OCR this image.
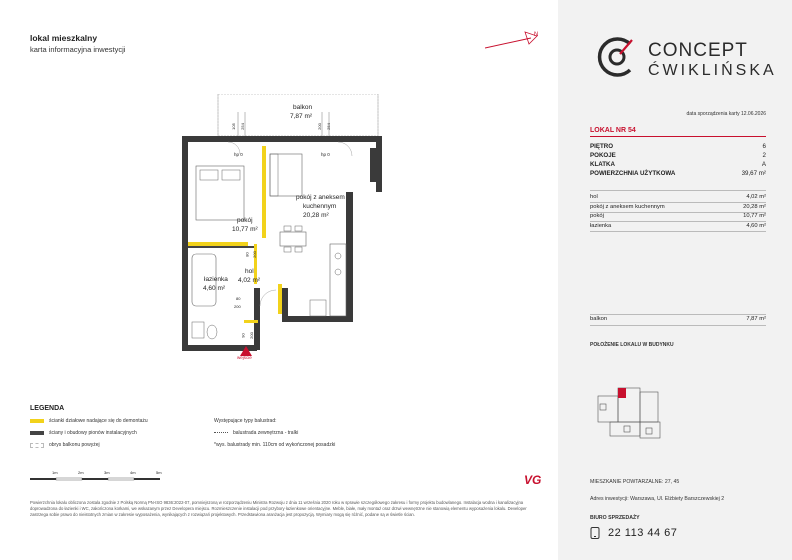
lokal mieszkalny
karta informacyjna inwestycji
N
balkon
7,87 m²
pokój
10,77 m²
pokój z aneksem
kuchennym
20,28 m²
hol
4,02 m²
łazienka
4,60 m²
wejście
hp 0	hp 0
105 254	200 254
80 200
80
200
90 200
LEGENDA
ścianki działowe nadające się do demontażu
ściany i obudowy pionów instalacyjnych
obrys balkonu powyżej
Występujące typy balustrad:
balustrada zewnętrzna - tralki
*wys. balustrady min. 110cm od wykończonej posadzki
1m	2m	3m	4m	5m
VG
Powierzchnia lokalu obliczona zostala zgodnie z Polską Normą PN-ISO 9836:2022-07, pomniejszoną w rozporządzeniu Ministra Rozwoju z dnia 11 września 2020 roku w sprawie szczegółowego zakresu i formy projektu budowlanego. Instalacja wodna i kanalizacyjna doprowadzona do łazienki i WC, zakończona korkami, we wskazanym przez Developera miejscu. Rozmieszczenie instalacji pod przybory łazienkowe orientacyjne. Meble, białe, mały montaż oraz drzwi wewnętrzne nie stanowią elementu wyposażenia lokalu. Developer zastrzega sobie prawo do nieistotnych zmian w zakresie wyposażenia, wynikających z rozwiązań projektowych. Przedstawiona aranżacja jest propozycją. Wymiary mogą się różnić, podane są w świetle ścian.
CONCEPT
ĆWIKLIŃSKA
data sporządzenia karty 12.06.2026
LOKAL NR 54
PIĘTRO	6
POKOJE	2
KLATKA	A
POWIERZCHNIA UŻYTKOWA	39,67 m²
hol	4,02 m²
pokój z aneksem kuchennym	20,28 m²
pokój	10,77 m²
łazienka	4,60 m²
balkon	7,87 m²
POŁOŻENIE LOKALU W BUDYNKU
MIESZKANIE POWTARZALNE: 27, 45
Adres inwestycji: Warszawa, Ul. Elżbiety Barszczewskiej 2
BIURO SPRZEDAŻY
22 113 44 67
